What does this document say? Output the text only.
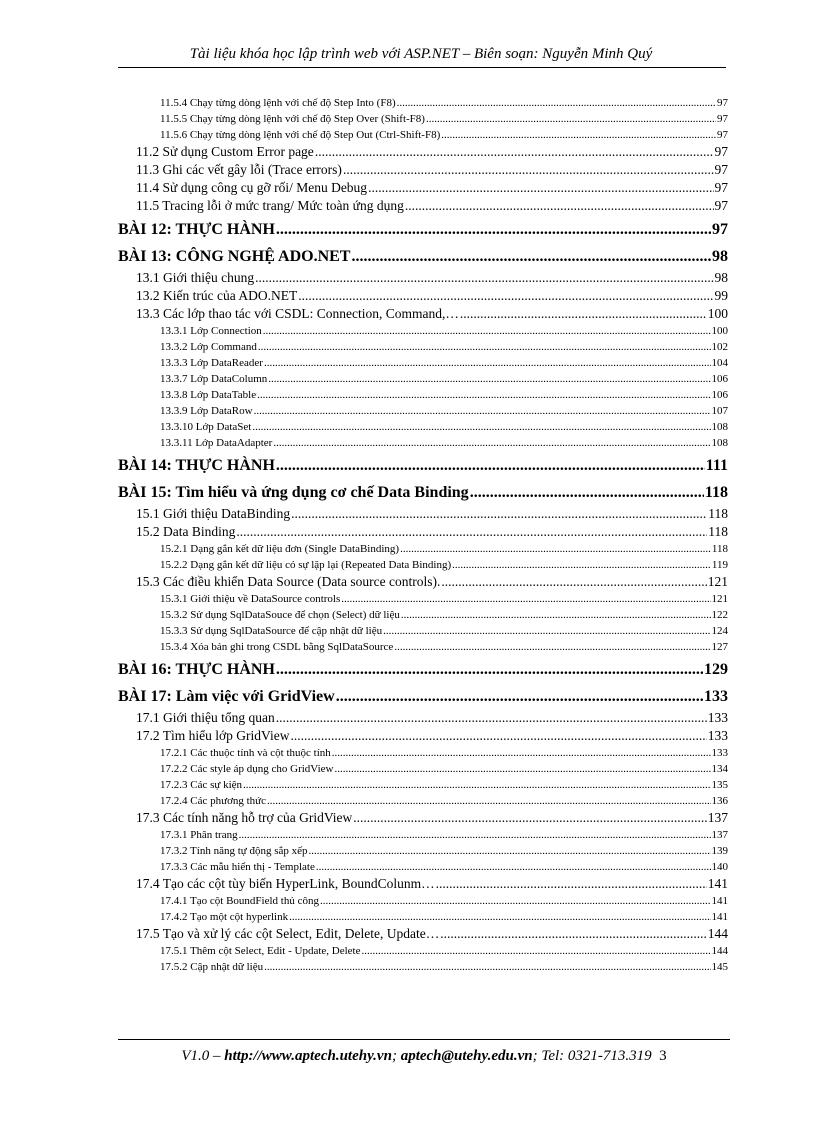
Tài liệu khóa học lập trình web với ASP.NET – Biên soạn: Nguyễn Minh Quý
11.5.4 Chạy từng dòng lệnh với chế độ Step Into (F8) .....	97
11.5.5 Chạy từng dòng lệnh với chế độ Step Over (Shift-F8) .....	97
11.5.6 Chạy từng dòng lệnh với chế độ Step Out (Ctrl-Shift-F8) .....	97
11.2 Sử dụng Custom Error page .....	97
11.3 Ghi các vết gây lỗi (Trace errors) .....	97
11.4 Sử dụng công cụ gỡ rối/ Menu Debug .....	97
11.5 Tracing lỗi ở mức trang/ Mức toàn ứng dụng .....	97
BÀI 12: THỰC HÀNH .....	97
BÀI 13: CÔNG NGHỆ ADO.NET .....	98
13.1 Giới thiệu chung .....	98
13.2 Kiến trúc của ADO.NET .....	99
13.3 Các lớp thao tác với CSDL: Connection, Command,… .....	100
13.3.1 Lớp Connection .....	100
13.3.2 Lớp Command .....	102
13.3.3 Lớp DataReader .....	104
13.3.7 Lớp DataColumn .....	106
13.3.8 Lớp DataTable .....	106
13.3.9 Lớp DataRow .....	107
13.3.10 Lớp DataSet .....	108
13.3.11 Lớp DataAdapter .....	108
BÀI 14: THỰC HÀNH .....	111
BÀI 15: Tìm hiểu và ứng dụng cơ chế Data Binding .....	118
15.1 Giới thiệu DataBinding .....	118
15.2 Data Binding .....	118
15.2.1 Dạng gắn kết dữ liệu đơn (Single DataBinding) .....	118
15.2.2 Dạng gắn kết dữ liệu có sự lặp lại (Repeated Data Binding) .....	119
15.3 Các điều khiển Data Source (Data source controls). .....	121
15.3.1 Giới thiệu về DataSource controls .....	121
15.3.2 Sử dụng SqlDataSouce để chọn (Select) dữ liệu .....	122
15.3.3 Sử dụng SqlDataSource để cập nhật dữ liệu .....	124
15.3.4 Xóa bản ghi trong CSDL bằng SqlDataSource .....	127
BÀI 16: THỰC HÀNH .....	129
BÀI 17: Làm việc với GridView .....	133
17.1 Giới thiệu tổng quan .....	133
17.2 Tìm hiểu lớp GridView .....	133
17.2.1 Các thuộc tính và cột thuộc tính .....	133
17.2.2 Các style áp dụng cho GridView .....	134
17.2.3 Các sự kiện .....	135
17.2.4 Các phương thức .....	136
17.3 Các tính năng hỗ trợ của GridView .....	137
17.3.1 Phân trang .....	137
17.3.2 Tính năng tự động sắp xếp .....	139
17.3.3 Các mẫu hiển thị - Template .....	140
17.4 Tạo các cột tùy biến HyperLink, BoundColunm… .....	141
17.4.1 Tạo cột BoundField thủ công .....	141
17.4.2 Tạo một cột hyperlink .....	141
17.5 Tạo và xử lý các cột Select, Edit, Delete, Update… .....	144
17.5.1 Thêm cột Select, Edit - Update, Delete .....	144
17.5.2 Cập nhật dữ liệu .....	145
V1.0 – http://www.aptech.utehy.vn; aptech@utehy.edu.vn; Tel: 0321-713.319 3
